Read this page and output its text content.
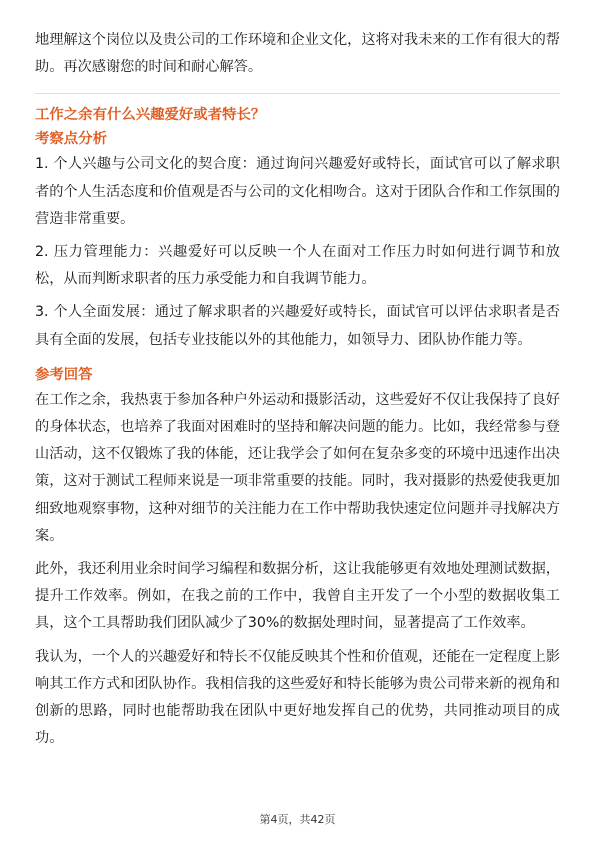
地理解这个岗位以及贵公司的工作环境和企业文化，这将对我未来的工作有很大的帮助。再次感谢您的时间和耐心解答。

工作之余有什么兴趣爱好或者特长？
考察点分析

1. 个人兴趣与公司文化的契合度：通过询问兴趣爱好或特长，面试官可以了解求职者的个人生活态度和价值观是否与公司的文化相吻合。这对于团队合作和工作氛围的营造非常重要。

2. 压力管理能力：兴趣爱好可以反映一个人在面对工作压力时如何进行调节和放松，从而判断求职者的压力承受能力和自我调节能力。

3. 个人全面发展：通过了解求职者的兴趣爱好或特长，面试官可以评估求职者是否具有全面的发展，包括专业技能以外的其他能力，如领导力、团队协作能力等。

参考回答

在工作之余，我热衷于参加各种户外运动和摄影活动，这些爱好不仅让我保持了良好的身体状态，也培养了我面对困难时的坚持和解决问题的能力。比如，我经常参与登山活动，这不仅锻炼了我的体能，还让我学会了如何在复杂多变的环境中迅速作出决策，这对于测试工程师来说是一项非常重要的技能。同时，我对摄影的热爱使我更加细致地观察事物，这种对细节的关注能力在工作中帮助我快速定位问题并寻找解决方案。

此外，我还利用业余时间学习编程和数据分析，这让我能够更有效地处理测试数据，提升工作效率。例如，在我之前的工作中，我曾自主开发了一个小型的数据收集工具，这个工具帮助我们团队减少了30%的数据处理时间，显著提高了工作效率。

我认为，一个人的兴趣爱好和特长不仅能反映其个性和价值观，还能在一定程度上影响其工作方式和团队协作。我相信我的这些爱好和特长能够为贵公司带来新的视角和创新的思路，同时也能帮助我在团队中更好地发挥自己的优势，共同推动项目的成功。

第4页，共42页
